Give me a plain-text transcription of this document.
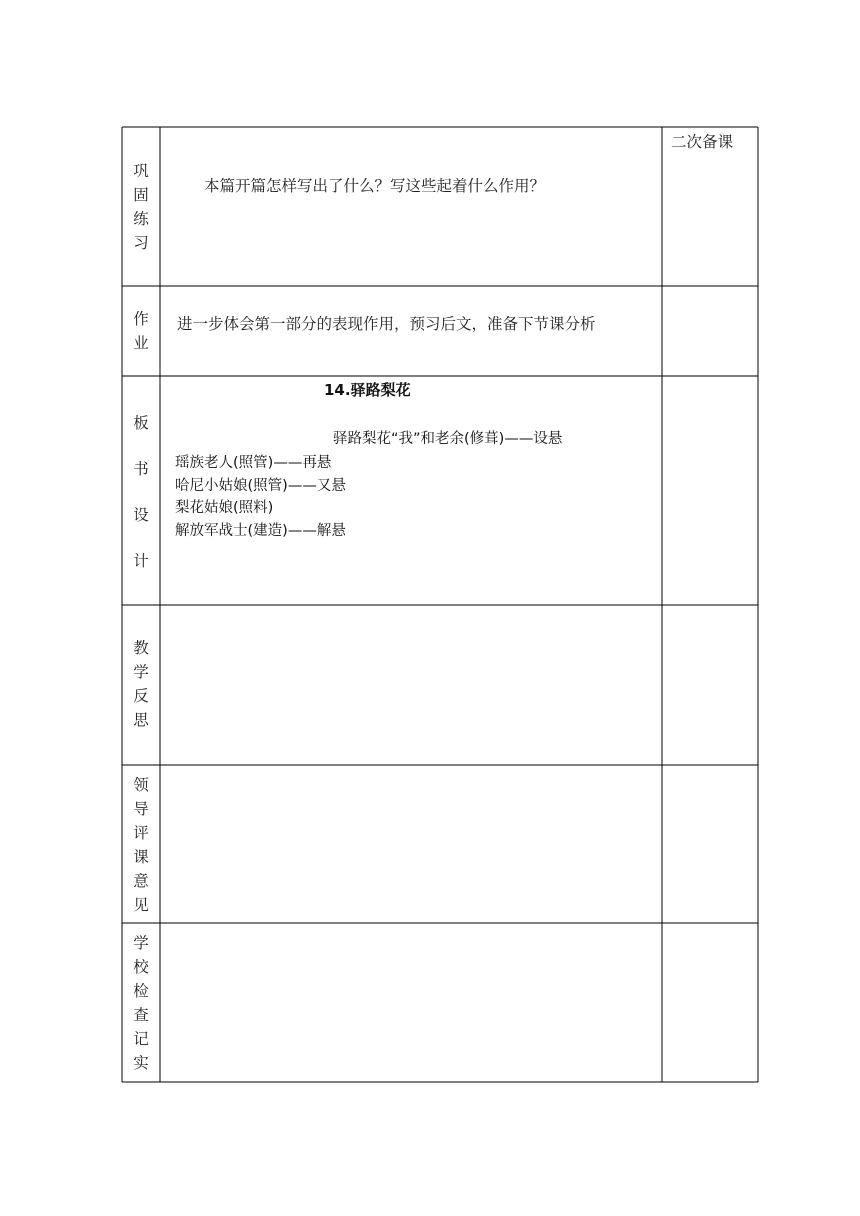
二次备课
巩
固
练
习
本篇开篇怎样写出了什么？写这些起着什么作用？
作
业
进一步体会第一部分的表现作用，预习后文，准备下节课分析
板
书
设
计
14.驿路梨花
驿路梨花“我”和老余(修葺)——设悬
瑶族老人(照管)——再悬
哈尼小姑娘(照管)——又悬
梨花姑娘(照料)
解放军战士(建造)——解悬
教
学
反
思
领
导
评
课
意
见
学
校
检
查
记
实
